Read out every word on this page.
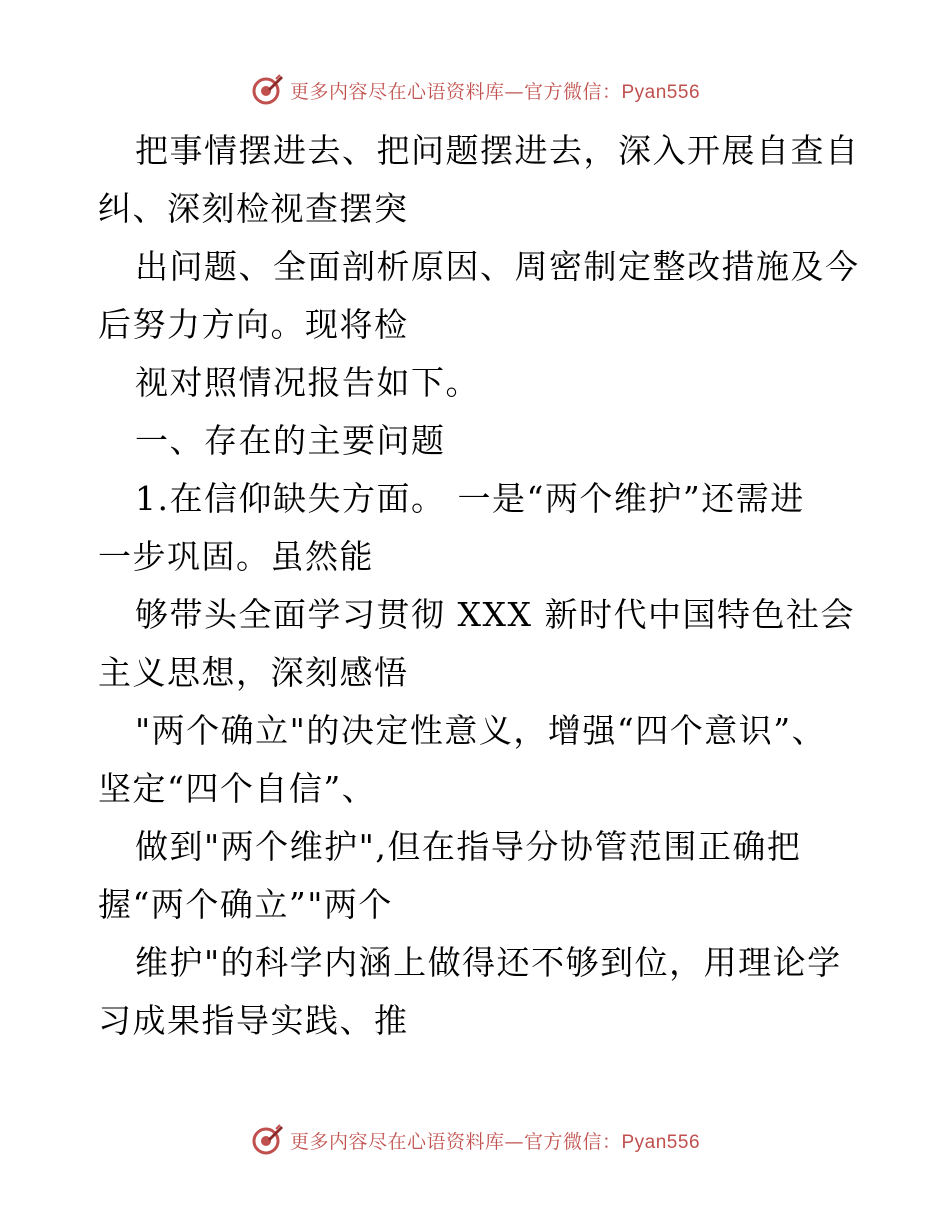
更多内容尽在心语资料库—官方微信：Pyan556
把事情摆进去、把问题摆进去，深入开展自查自
纠、深刻检视查摆突
出问题、全面剖析原因、周密制定整改措施及今
后努力方向。现将检
视对照情况报告如下。
一、存在的主要问题
1.在信仰缺失方面。 一是“两个维护”还需进
一步巩固。虽然能
够带头全面学习贯彻 XXX 新时代中国特色社会
主义思想，深刻感悟
"两个确立"的决定性意义，增强“四个意识”、
坚定“四个自信”、
做到"两个维护",但在指导分协管范围正确把
握“两个确立”"两个
维护"的科学内涵上做得还不够到位，用理论学
习成果指导实践、推
更多内容尽在心语资料库—官方微信：Pyan556
